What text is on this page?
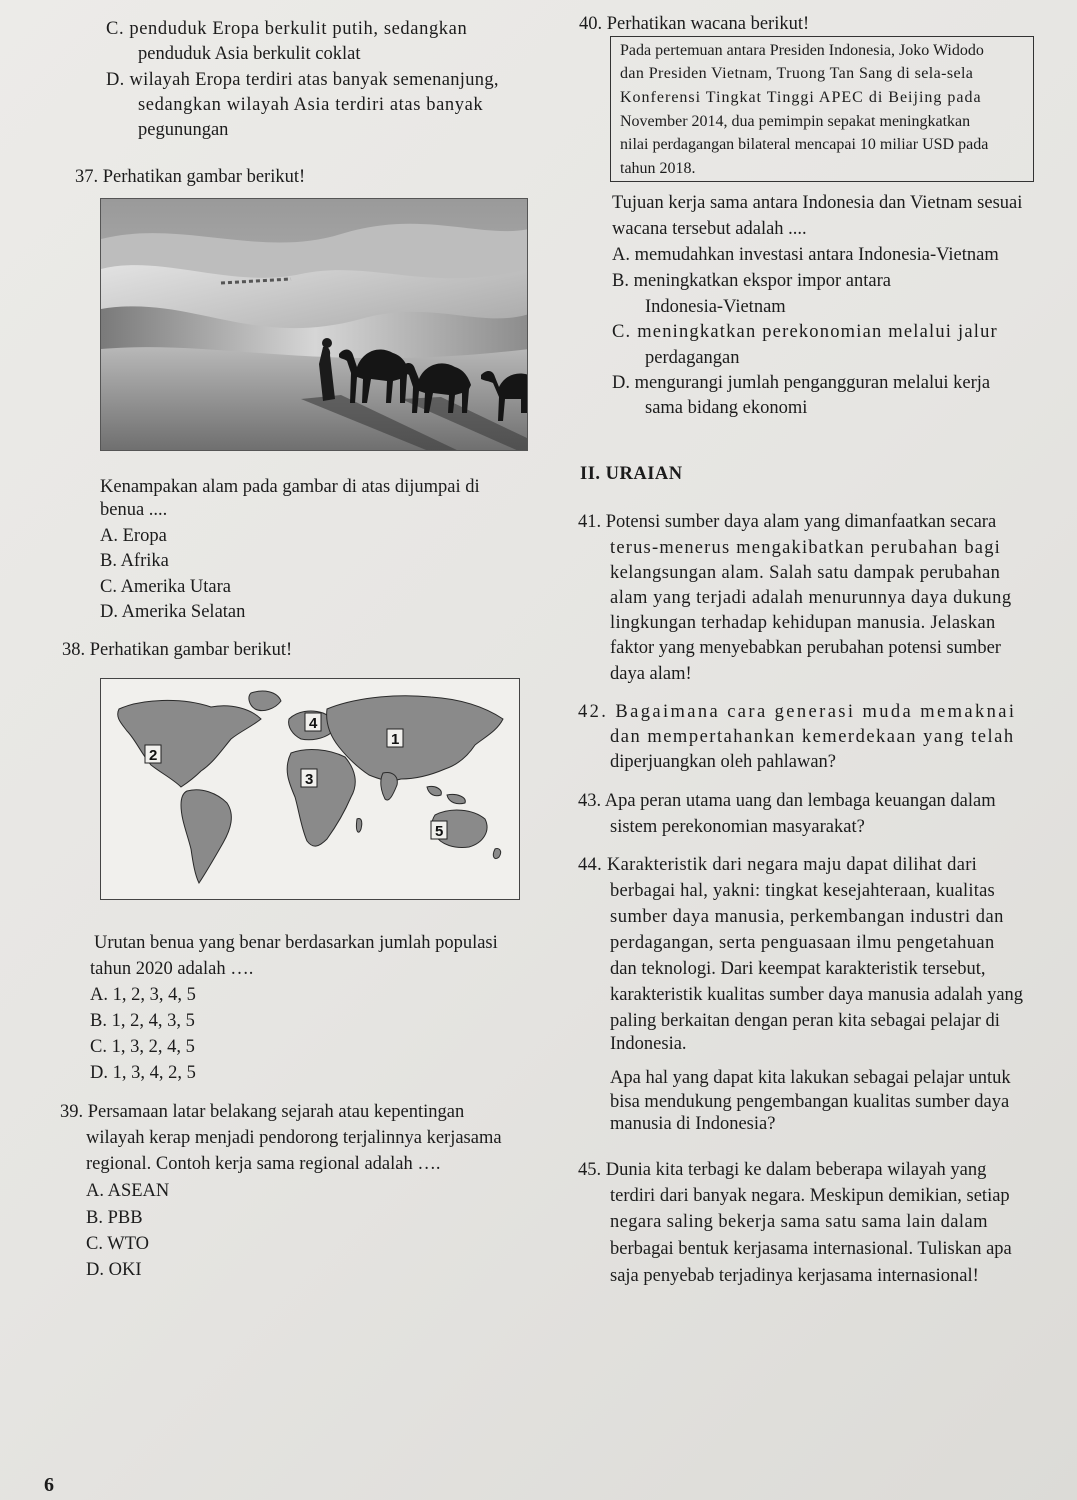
C. penduduk Eropa berkulit putih, sedangkan
penduduk Asia berkulit coklat
D. wilayah Eropa terdiri atas banyak semenanjung,
sedangkan wilayah Asia terdiri atas banyak
pegunungan
37. Perhatikan gambar berikut!
Kenampakan alam pada gambar di atas dijumpai di
benua ....
A. Eropa
B. Afrika
C. Amerika Utara
D. Amerika Selatan
38. Perhatikan gambar berikut!
1
2
3
4
5
Urutan benua yang benar berdasarkan jumlah populasi
tahun 2020 adalah ….
A. 1, 2, 3, 4, 5
B. 1, 2, 4, 3, 5
C. 1, 3, 2, 4, 5
D. 1, 3, 4, 2, 5
39. Persamaan latar belakang sejarah atau kepentingan
wilayah kerap menjadi pendorong terjalinnya kerjasama
regional. Contoh kerja sama regional adalah ….
A. ASEAN
B. PBB
C. WTO
D. OKI
40. Perhatikan wacana berikut!
Pada pertemuan antara Presiden Indonesia, Joko Widodo
dan Presiden Vietnam, Truong Tan Sang di sela-sela
Konferensi Tingkat Tinggi APEC di Beijing pada
November 2014, dua pemimpin sepakat meningkatkan
nilai perdagangan bilateral mencapai 10 miliar USD pada
tahun 2018.
Tujuan kerja sama antara Indonesia dan Vietnam sesuai
wacana tersebut adalah ....
A. memudahkan investasi antara Indonesia-Vietnam
B. meningkatkan ekspor impor antara
Indonesia-Vietnam
C. meningkatkan perekonomian melalui jalur
perdagangan
D. mengurangi jumlah pengangguran melalui kerja
sama bidang ekonomi
II. URAIAN
41. Potensi sumber daya alam yang dimanfaatkan secara
terus-menerus mengakibatkan perubahan bagi
kelangsungan alam. Salah satu dampak perubahan
alam yang terjadi adalah menurunnya daya dukung
lingkungan terhadap kehidupan manusia. Jelaskan
faktor yang menyebabkan perubahan potensi sumber
daya alam!
42. Bagaimana cara generasi muda memaknai
dan mempertahankan kemerdekaan yang telah
diperjuangkan oleh pahlawan?
43. Apa peran utama uang dan lembaga keuangan dalam
sistem perekonomian masyarakat?
44. Karakteristik dari negara maju dapat dilihat dari
berbagai hal, yakni: tingkat kesejahteraan, kualitas
sumber daya manusia, perkembangan industri dan
perdagangan, serta penguasaan ilmu pengetahuan
dan teknologi. Dari keempat karakteristik tersebut,
karakteristik kualitas sumber daya manusia adalah yang
paling berkaitan dengan peran kita sebagai pelajar di
Indonesia.
Apa hal yang dapat kita lakukan sebagai pelajar untuk
bisa mendukung pengembangan kualitas sumber daya
manusia di Indonesia?
45. Dunia kita terbagi ke dalam beberapa wilayah yang
terdiri dari banyak negara. Meskipun demikian, setiap
negara saling bekerja sama satu sama lain dalam
berbagai bentuk kerjasama internasional. Tuliskan apa
saja penyebab terjadinya kerjasama internasional!
6
